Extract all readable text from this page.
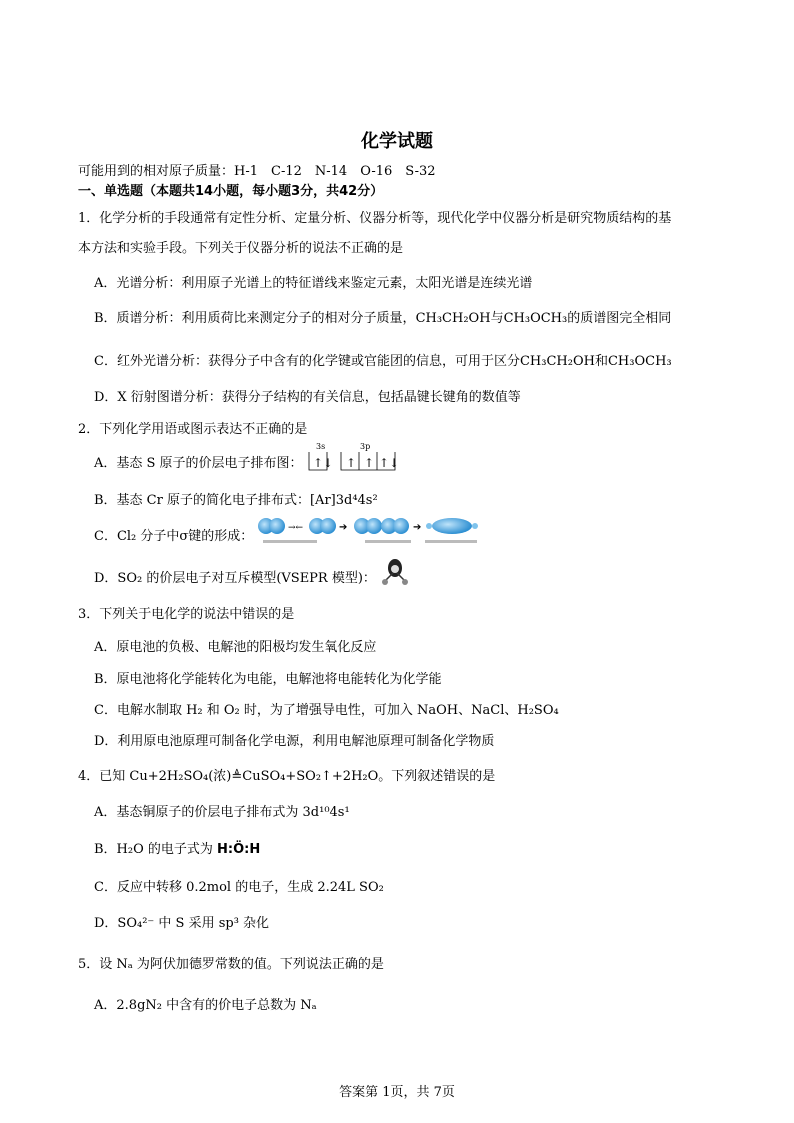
化学试题
可能用到的相对原子质量：H-1　C-12　N-14　O-16　S-32
一、单选题（本题共14小题，每小题3分，共42分）
1．化学分析的手段通常有定性分析、定量分析、仪器分析等，现代化学中仪器分析是研究物质结构的基
本方法和实验手段。下列关于仪器分析的说法不正确的是
A．光谱分析：利用原子光谱上的特征谱线来鉴定元素，太阳光谱是连续光谱
B．质谱分析：利用质荷比来测定分子的相对分子质量，CH₃CH₂OH与CH₃OCH₃的质谱图完全相同
C．红外光谱分析：获得分子中含有的化学键或官能团的信息，可用于区分CH₃CH₂OH和CH₃OCH₃
D．X 衍射图谱分析：获得分子结构的有关信息，包括晶键长键角的数值等
2．下列化学用语或图示表达不正确的是
A．基态 S 原子的价层电子排布图：
3s	3p
↑↓ ↑ ↑ ↑↓
B．基态 Cr 原子的简化电子排布式：[Ar]3d⁴4s²
C．Cl₂ 分子中σ键的形成：
→←	➔	➔
D．SO₂ 的价层电子对互斥模型(VSEPR 模型)：
3．下列关于电化学的说法中错误的是
A．原电池的负极、电解池的阳极均发生氧化反应
B．原电池将化学能转化为电能，电解池将电能转化为化学能
C．电解水制取 H₂ 和 O₂ 时，为了增强导电性，可加入 NaOH、NaCl、H₂SO₄
D．利用原电池原理可制备化学电源，利用电解池原理可制备化学物质
4．已知 Cu+2H₂SO₄(浓)≜CuSO₄+SO₂↑+2H₂O。下列叙述错误的是
A．基态铜原子的价层电子排布式为 3d¹⁰4s¹
B．H₂O 的电子式为 H:Ö:H
C．反应中转移 0.2mol 的电子，生成 2.24L SO₂
D．SO₄²⁻ 中 S 采用 sp³ 杂化
5．设 Nₐ 为阿伏加德罗常数的值。下列说法正确的是
A．2.8gN₂ 中含有的价电子总数为 Nₐ
答案第 1页，共 7页
